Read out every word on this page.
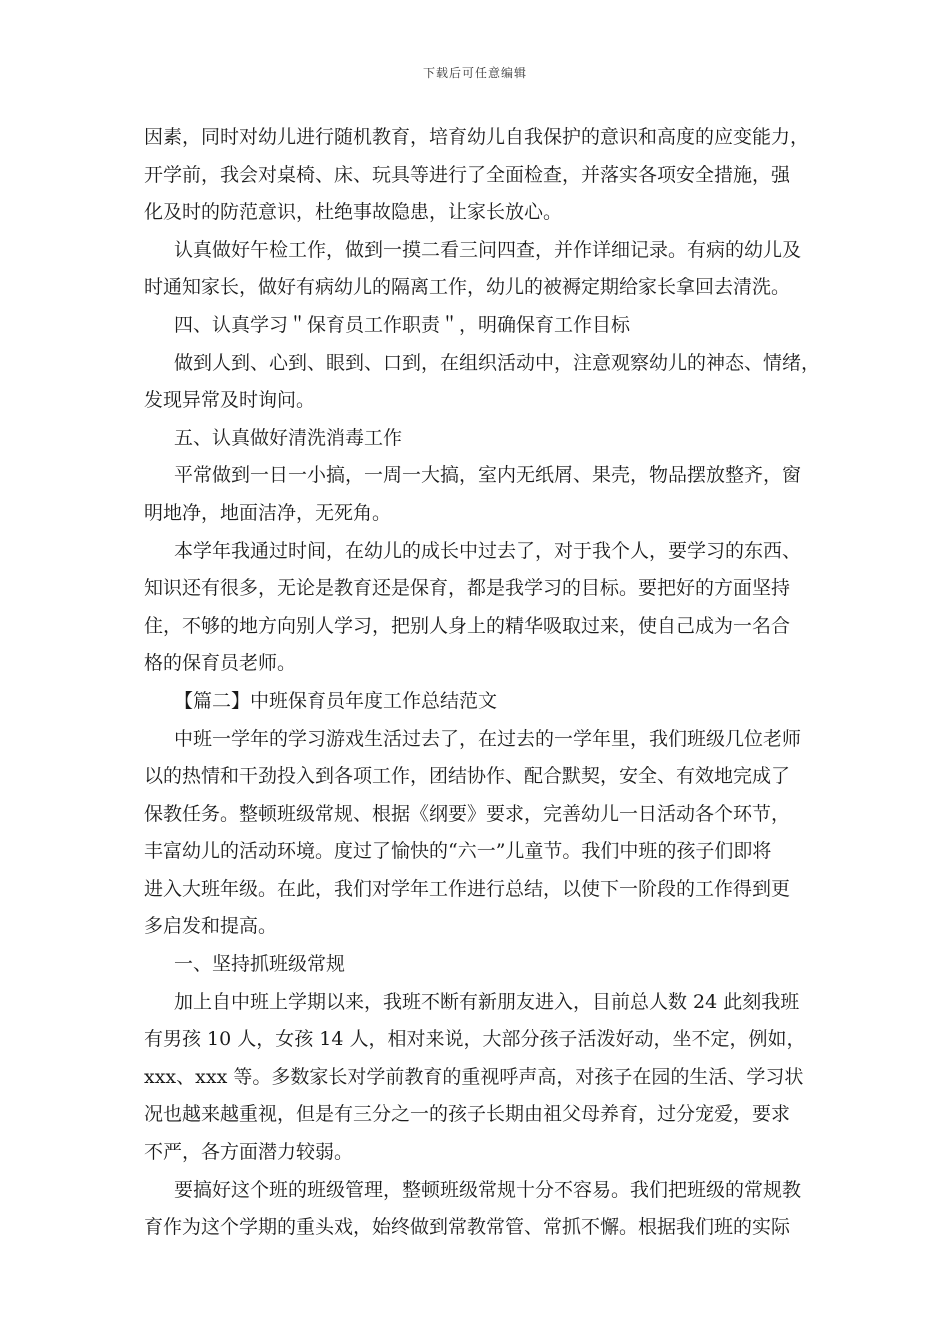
下载后可任意编辑

因素，同时对幼儿进行随机教育，培育幼儿自我保护的意识和高度的应变能力，

开学前，我会对桌椅、床、玩具等进行了全面检查，并落实各项安全措施，强

化及时的防范意识，杜绝事故隐患，让家长放心。

认真做好午检工作，做到一摸二看三问四查，并作详细记录。有病的幼儿及

时通知家长，做好有病幼儿的隔离工作，幼儿的被褥定期给家长拿回去清洗。

四、认真学习＂保育员工作职责＂，明确保育工作目标

做到人到、心到、眼到、口到，在组织活动中，注意观察幼儿的神态、情绪，

发现异常及时询问。

五、认真做好清洗消毒工作

平常做到一日一小搞，一周一大搞，室内无纸屑、果壳，物品摆放整齐，窗

明地净，地面洁净，无死角。

本学年我通过时间，在幼儿的成长中过去了，对于我个人，要学习的东西、

知识还有很多，无论是教育还是保育，都是我学习的目标。要把好的方面坚持

住，不够的地方向别人学习，把别人身上的精华吸取过来，使自己成为一名合

格的保育员老师。

【篇二】中班保育员年度工作总结范文

中班一学年的学习游戏生活过去了，在过去的一学年里，我们班级几位老师

以的热情和干劲投入到各项工作，团结协作、配合默契，安全、有效地完成了

保教任务。整顿班级常规、根据《纲要》要求，完善幼儿一日活动各个环节，

丰富幼儿的活动环境。度过了愉快的“六一”儿童节。我们中班的孩子们即将

进入大班年级。在此，我们对学年工作进行总结，以使下一阶段的工作得到更

多启发和提高。

一、坚持抓班级常规

加上自中班上学期以来，我班不断有新朋友进入，目前总人数 24 此刻我班

有男孩 10 人，女孩 14 人，相对来说，大部分孩子活泼好动，坐不定，例如，

xxx、xxx 等。多数家长对学前教育的重视呼声高，对孩子在园的生活、学习状

况也越来越重视，但是有三分之一的孩子长期由祖父母养育，过分宠爱，要求

不严，各方面潜力较弱。

要搞好这个班的班级管理，整顿班级常规十分不容易。我们把班级的常规教

育作为这个学期的重头戏，始终做到常教常管、常抓不懈。根据我们班的实际
